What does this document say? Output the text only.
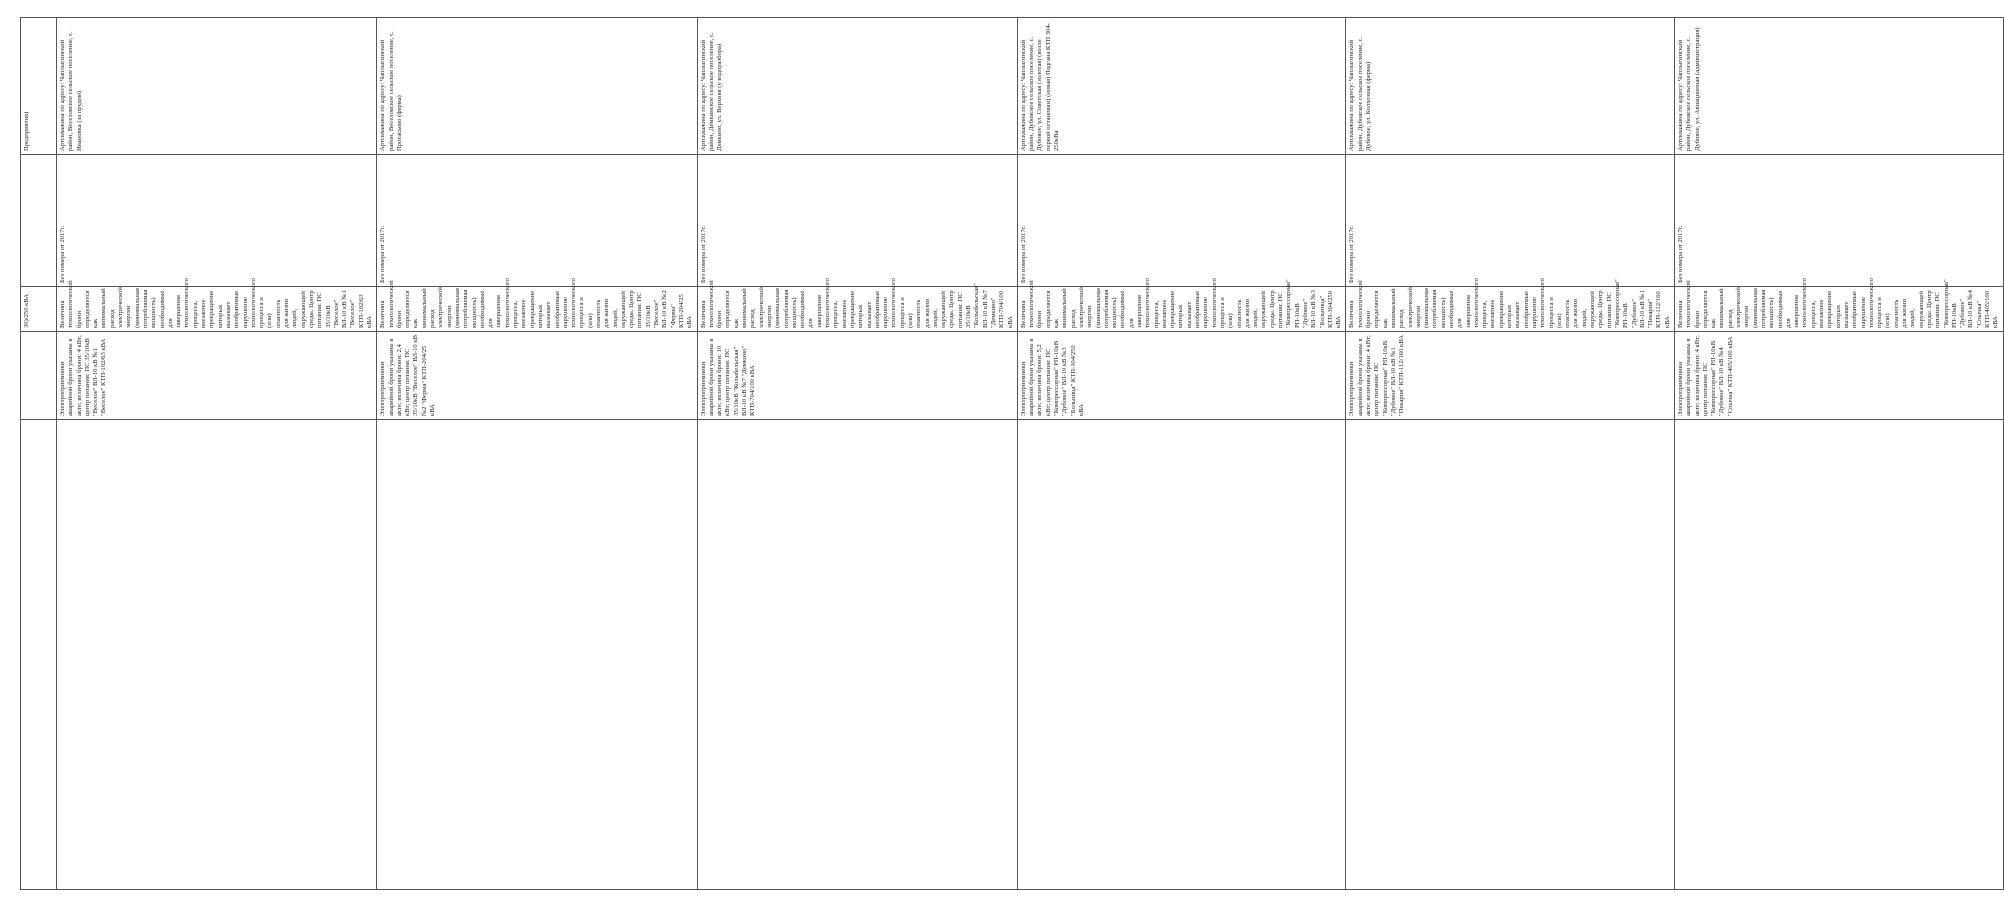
		30)/250 кВА		Предприятия)
	Электроприемники аварийной брони указаны в акте; величина брони: 4 кВт; центр питания: ПС 35/10кВ "Веселое" ВЛ-10 кВ №1 "Веселое" КТП-102/63 кВА	Величина технологической брони определяется как минимальный расход электрической энергии (минимальная потребляемая мощность) необходимые для завершения технологического процесса, внезапное прекращение которых вызывает необратимые нарушение технологического процесса и (или) опасность для жизни людей, окружающей среды. Центр питания: ПС 35/10кВ "Веселое" ВЛ-10 кВ №1 "Веселое" КТП-102/63 кВА	Без номера от 2017г.	Артскважина по адресу: Чаплыгинский район, Веселовское сельское поселение, с. Ивановка (за прудом)
	Электроприемники аварийной брони указаны в акте; величина брони: 2,4 кВт; центр питания: ПС 35/10кВ "Веселое" ВЛ-10 кВ №2 "Ферма" КТП-204/25 кВА	Величина технологической брони определяется как минимальный расход электрической энергии (минимальная потребляемая мощность) необходимые для завершения технологического процесса, внезапное прекращение которых вызывает необратимые нарушение технологического процесса и (или) опасность для жизни людей, окружающей среды. Центр питания: ПС 35/10кВ "Веселое" ВЛ-10 кВ №2 "Ферма" КТП-204/25 кВА	Без номера от 2017г.	Артскважина по адресу: Чаплыгинский район, Веселовское сельское поселение, с. Протасьево (ферма)
	Электроприемники аварийной брони указаны в акте; величина брони: 10 кВт; центр питания: ПС 35/10кВ "Колыбельская" ВЛ-10 кВ №7 "Демкино" КТП-704/100 кВА	Величина технологической брони определяется как минимальный расход электрической энергии (минимальная потребляемая мощность) необходимые для завершения технологического процесса, внезапное прекращение которых вызывает необратимые нарушение технологического процесса и (или) опасность для жизни людей, окружающей среды. Центр питания: ПС 35/10кВ "Колыбельская" ВЛ-10 кВ №7 "Демкино" КТП-704/100 кВА	Без номера от 2017г.	Артскважина по адресу: Чаплыгинский район, Демкинское сельское поселение, с. Демкино, ул. Верхняя (у водоразбора)
	Электроприемники аварийной брони указаны в акте; величина брони: 5,2 кВт; центр питания: ПС "Компрессорная" РП-10кВ "Дубовое" ВЛ-10 кВ №3 "Больница" КТП-304/250 кВА	Величина технологической брони определяется как минимальный расход электрической энергии (минимальная потребляемая мощность) необходимые для завершения технологического процесса, внезапное прекращение которых вызывает необратимые нарушение технологического процесса и (или) опасность для жизни людей, окружающей среды. Центр питания: ПС "Компрессорная" РП-10кВ "Дубовое" ВЛ-10 кВ №3 "Больница" КТП-304/250 кВА	Без номера от 2017г.	Артскважина по адресу: Чаплыгинский район, Дубовское сельское поселение, с. Дубовое, ул. Советская (золотая) (возле первой остановки) (новая) Подгана КТП 304-250кВа
	Электроприемники аварийной брони указаны в акте; величина брони: 4 кВт; центр питания: ПС "Компрессорная" РП-10кВ "Дубовое" ВЛ-10 кВ №1 "Пекарня" КТП-112/160 кВА	Величина технологической брони определяется как минимальный расход электрической энергии (минимальная потребляемая мощность) необходимые для завершения технологического процесса, внезапное прекращение которых вызывает необратимые нарушение технологического процесса и (или) опасность для жизни людей, окружающей среды. Центр питания: ПС "Компрессорная" РП-10кВ "Дубовое" ВЛ-10 кВ №1 "Пекарня" КТП-112/160 кВА	Без номера от 2017г.	Артскважина по адресу: Чаплыгинский район, Дубовское сельское поселение, с. Дубовое, ул. Колхозная (ферма)
	Электроприемники аварийной брони указаны в акте; величина брони: 4 кВт; центр питания: ПС "Компрессорная" РП-10кВ "Дубовое" ВЛ-10 кВ №4 "Спычка" КТП-405/100 кВА	Величина технологической брони определяется как минимальный расход электрической энергии (минимальная потребляемая мощность) необходимые для завершения технологического процесса, внезапное прекращение которых вызывает необратимые нарушение технологического процесса и (или) опасность для жизни людей, окружающей среды. Центр питания: ПС "Компрессорная" РП-10кВ "Дубовое" ВЛ-10 кВ №4 "Спычка" КТП-405/100 кВА	Без номера от 2017г.	Артскважина по адресу: Чаплыгинский район, Дубовское сельское поселение, с. Дубовое, ул. Авиационная (администрация)
